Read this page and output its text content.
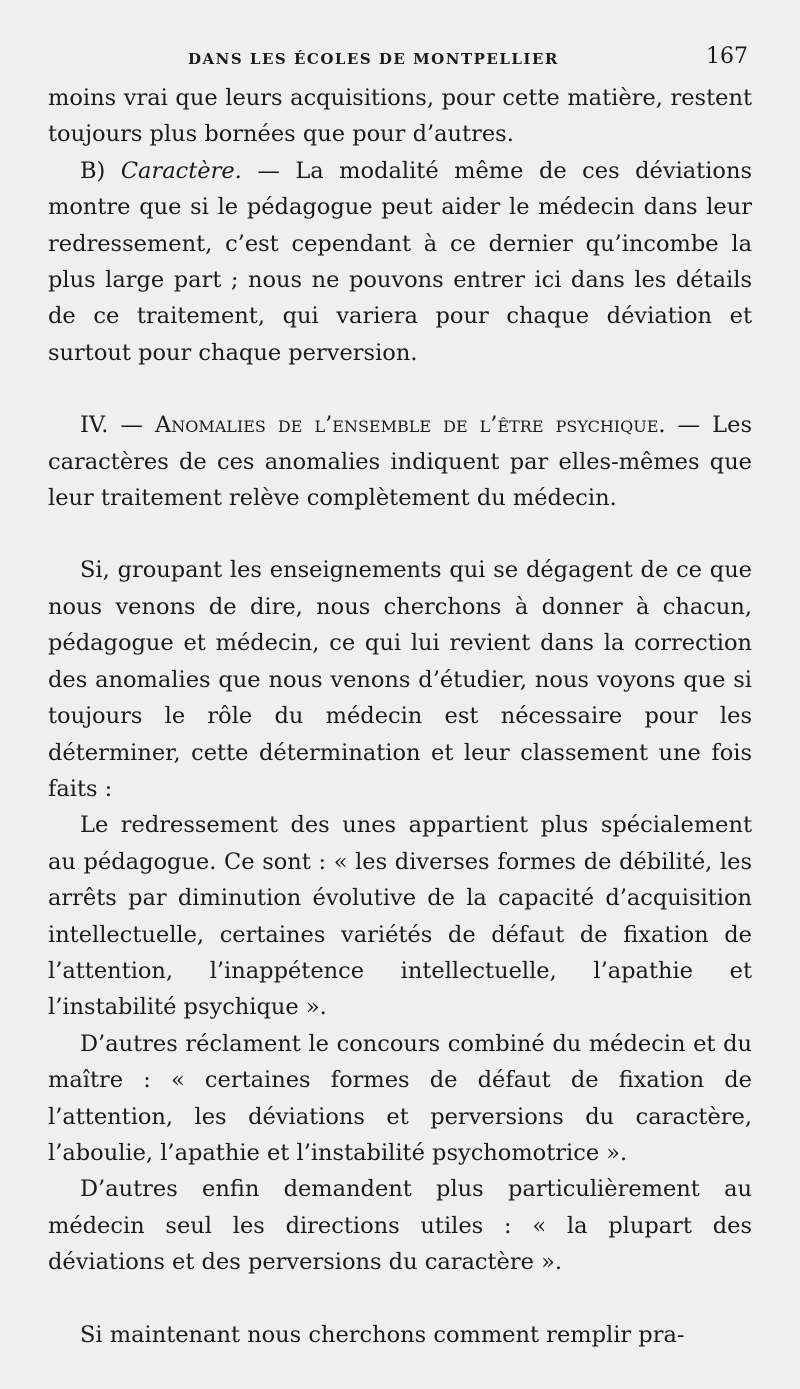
DANS LES ÉCOLES DE MONTPELLIER	167

moins vrai que leurs acquisitions, pour cette matière, restent toujours plus bornées que pour d’autres.

B) Caractère. — La modalité même de ces déviations montre que si le pédagogue peut aider le médecin dans leur redressement, c’est cependant à ce dernier qu’incombe la plus large part ; nous ne pouvons entrer ici dans les détails de ce traitement, qui variera pour chaque déviation et surtout pour chaque perversion.

IV. — Anomalies de l’ensemble de l’être psychique. — Les caractères de ces anomalies indiquent par elles-mêmes que leur traitement relève complètement du médecin.

Si, groupant les enseignements qui se dégagent de ce que nous venons de dire, nous cherchons à donner à chacun, pédagogue et médecin, ce qui lui revient dans la correction des anomalies que nous venons d’étudier, nous voyons que si toujours le rôle du médecin est nécessaire pour les déterminer, cette détermination et leur classement une fois faits :

Le redressement des unes appartient plus spécialement au pédagogue. Ce sont : « les diverses formes de débilité, les arrêts par diminution évolutive de la capacité d’acquisition intellectuelle, certaines variétés de défaut de fixation de l’attention, l’inappétence intellectuelle, l’apathie et l’instabilité psychique ».

D’autres réclament le concours combiné du médecin et du maître : « certaines formes de défaut de fixation de l’attention, les déviations et perversions du caractère, l’aboulie, l’apathie et l’instabilité psychomotrice ».

D’autres enfin demandent plus particulièrement au médecin seul les directions utiles : « la plupart des déviations et des perversions du caractère ».

Si maintenant nous cherchons comment remplir pra-
